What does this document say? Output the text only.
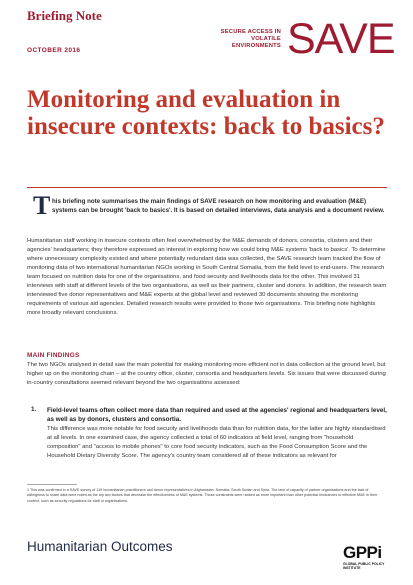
Briefing Note
OCTOBER 2016
SECURE ACCESS IN VOLATILE ENVIRONMENTS SAVE
Monitoring and evaluation in insecure contexts: back to basics?
T his briefing note summarises the main findings of SAVE research on how monitoring and evaluation (M&E) systems can be brought 'back to basics'. It is based on detailed interviews, data analysis and a document review.

Humanitarian staff working in insecure contexts often feel overwhelmed by the M&E demands of donors, consortia, clusters and their agencies' headquarters; they therefore expressed an interest in exploring how we could bring M&E systems 'back to basics'. To determine where unnecessary complexity existed and where potentially redundant data was collected, the SAVE research team tracked the flow of monitoring data of two international humanitarian NGOs working in South Central Somalia, from the field level to end-users. The research team focused on nutrition data for one of the organisations, and food security and livelihoods data for the other. This involved 31 interviews with staff at different levels of the two organisations, as well as their partners, cluster and donors. In addition, the research team interviewed five donor representatives and M&E experts at the global level and reviewed 30 documents showing the monitoring requirements of various aid agencies. Detailed research results were provided to those two organisations. This briefing note highlights more broadly relevant conclusions.

MAIN FINDINGS

The two NGOs analysed in detail saw the main potential for making monitoring more efficient not in data collection at the ground level, but higher up on the monitoring chain – at the country office, cluster, consortia and headquarters levels. Six issues that were discussed during in-country consultations seemed relevant beyond the two organisations assessed:

1. Field-level teams often collect more data than required and used at the agencies' regional and headquarters level, as well as by donors, clusters and consortia.

This difference was more notable for food security and livelihoods data than for nutrition data, for the latter are highly standardised at all levels. In one examined case, the agency collected a total of 60 indicators at field level, ranging from "household composition" and "access to mobile phones" to core food security indicators, such as the Food Consumption Score and the Household Dietary Diversity Score. The agency's country team considered all of these indicators as relevant for

1 This was confirmed in a SAVE survey of 119 humanitarian practitioners and donor representatives in Afghanistan, Somalia, South Sudan and Syria. The lack of capacity of partner organisations and the lack of willingness to share data were noted as the top two factors that decrease the effectiveness of M&E systems. Those constraints were ranked as more important than other potential hindrances to effective M&E in their context, such as security regulations for staff or organisations.

Humanitarian Outcomes	GPPi
GLOBAL PUBLIC POLICY INSTITUTE
